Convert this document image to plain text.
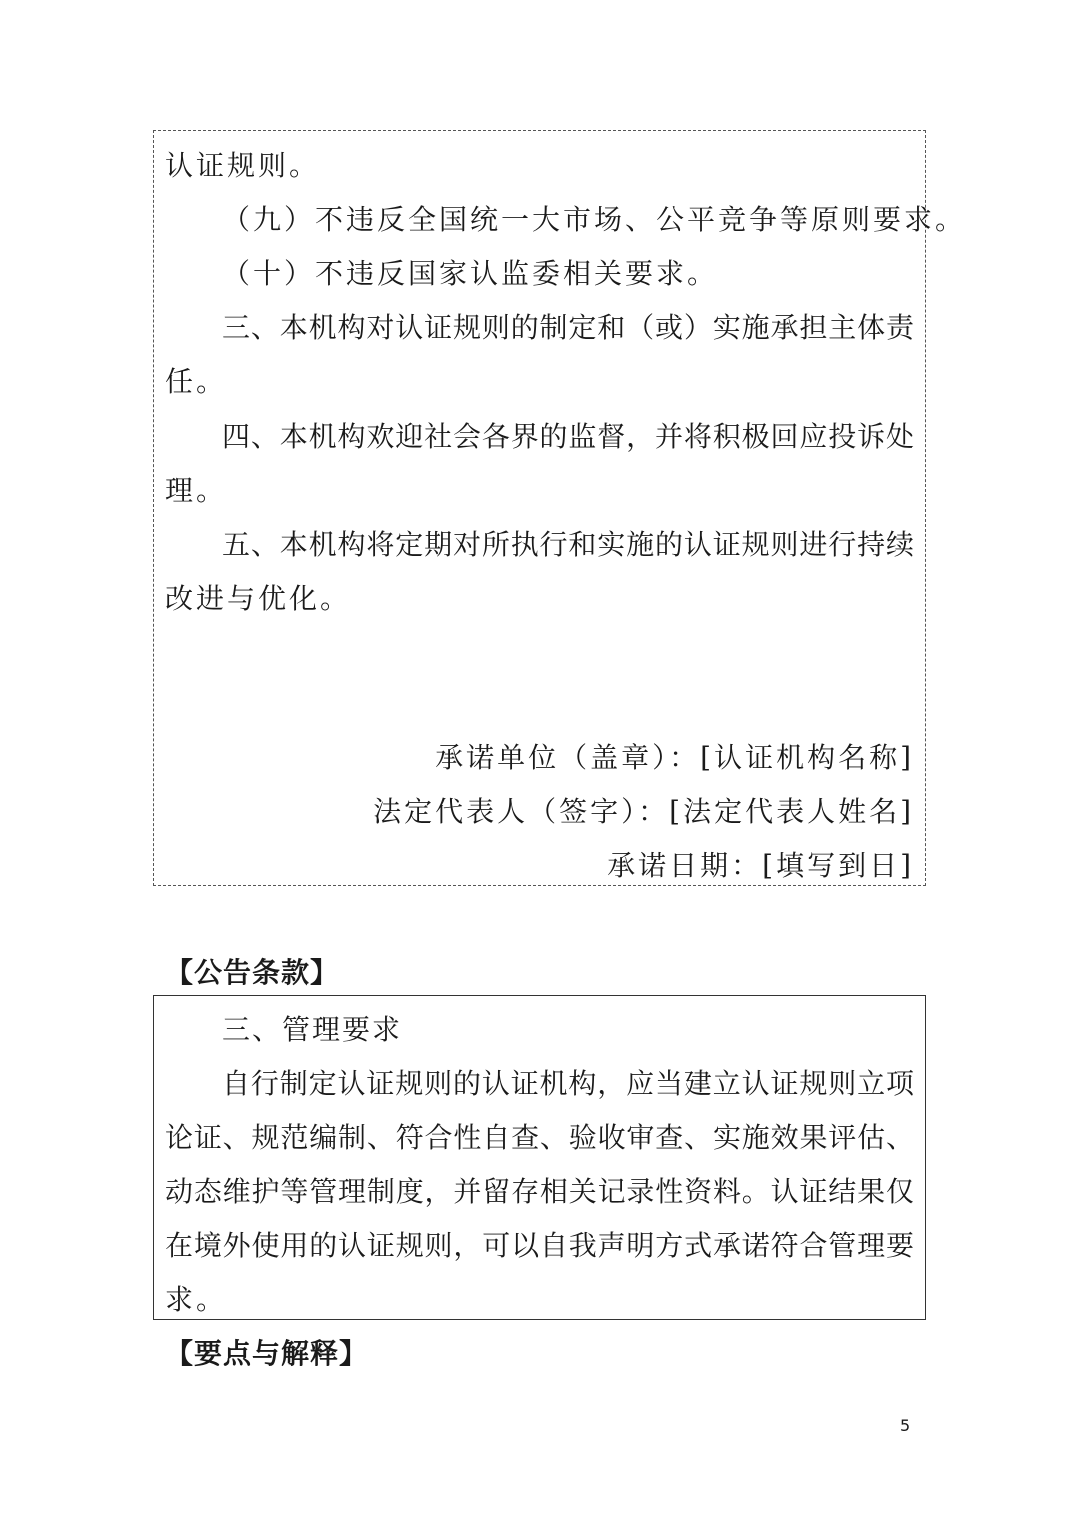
认证规则。
（九）不违反全国统一大市场、公平竞争等原则要求。
（十）不违反国家认监委相关要求。
三、本机构对认证规则的制定和（或）实施承担主体责
任。
四、本机构欢迎社会各界的监督，并将积极回应投诉处
理。
五、本机构将定期对所执行和实施的认证规则进行持续
改进与优化。
承诺单位（盖章）：[认证机构名称]
法定代表人（签字）：[法定代表人姓名]
承诺日期：[填写到日]
【公告条款】
三、管理要求
自行制定认证规则的认证机构，应当建立认证规则立项
论证、规范编制、符合性自查、验收审查、实施效果评估、
动态维护等管理制度，并留存相关记录性资料。认证结果仅
在境外使用的认证规则，可以自我声明方式承诺符合管理要
求。
【要点与解释】
5
